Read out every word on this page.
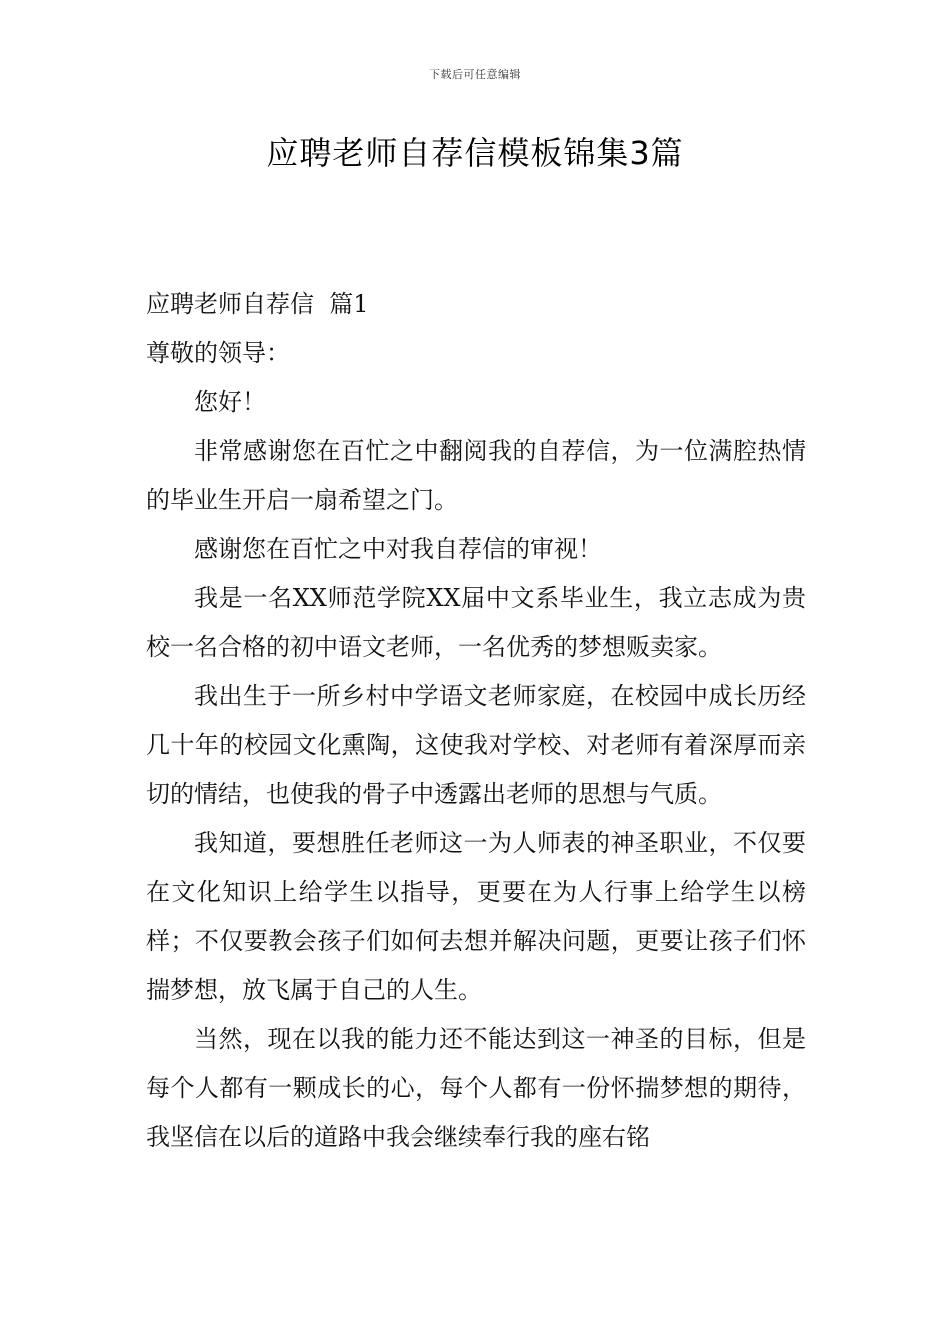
下载后可任意编辑
应聘老师自荐信模板锦集3篇

应聘老师自荐信  篇1

尊敬的领导：

您好！

非常感谢您在百忙之中翻阅我的自荐信，为一位满腔热情的毕业生开启一扇希望之门。

感谢您在百忙之中对我自荐信的审视！

我是一名XX师范学院XX届中文系毕业生，我立志成为贵校一名合格的初中语文老师，一名优秀的梦想贩卖家。

我出生于一所乡村中学语文老师家庭，在校园中成长历经几十年的校园文化熏陶，这使我对学校、对老师有着深厚而亲切的情结，也使我的骨子中透露出老师的思想与气质。

我知道，要想胜任老师这一为人师表的神圣职业，不仅要在文化知识上给学生以指导，更要在为人行事上给学生以榜样；不仅要教会孩子们如何去想并解决问题，更要让孩子们怀揣梦想，放飞属于自己的人生。

当然，现在以我的能力还不能达到这一神圣的目标，但是每个人都有一颗成长的心，每个人都有一份怀揣梦想的期待，我坚信在以后的道路中我会继续奉行我的座右铭
